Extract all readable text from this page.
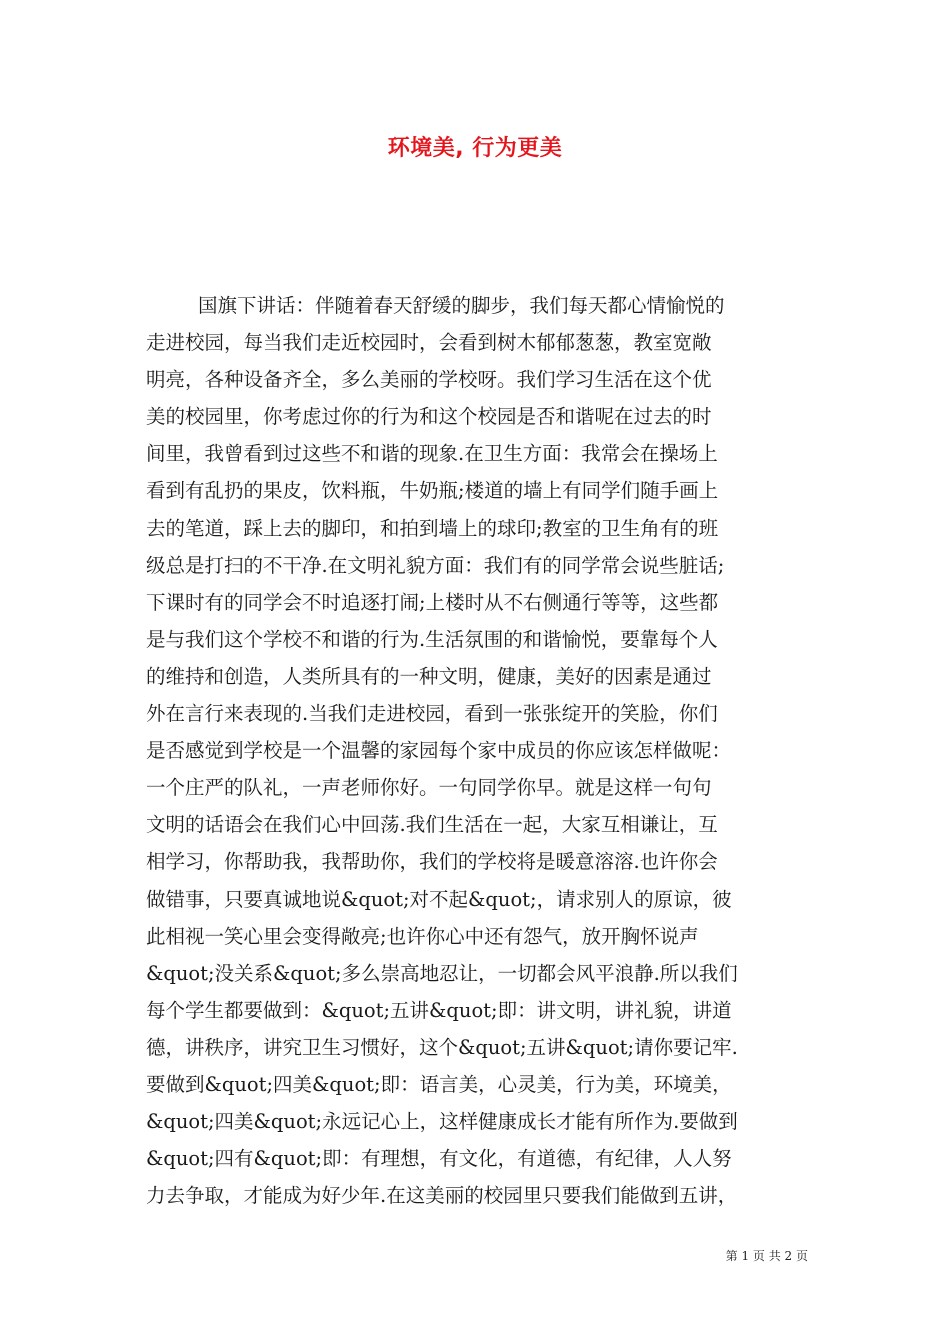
环境美, 行为更美
国旗下讲话：伴随着春天舒缓的脚步，我们每天都心情愉悦的
走进校园，每当我们走近校园时，会看到树木郁郁葱葱，教室宽敞
明亮，各种设备齐全，多么美丽的学校呀。我们学习生活在这个优
美的校园里，你考虑过你的行为和这个校园是否和谐呢在过去的时
间里，我曾看到过这些不和谐的现象.在卫生方面：我常会在操场上
看到有乱扔的果皮，饮料瓶，牛奶瓶;楼道的墙上有同学们随手画上
去的笔道，踩上去的脚印，和拍到墙上的球印;教室的卫生角有的班
级总是打扫的不干净.在文明礼貌方面：我们有的同学常会说些脏话;
下课时有的同学会不时追逐打闹;上楼时从不右侧通行等等，这些都
是与我们这个学校不和谐的行为.生活氛围的和谐愉悦，要靠每个人
的维持和创造，人类所具有的一种文明，健康，美好的因素是通过
外在言行来表现的.当我们走进校园，看到一张张绽开的笑脸，你们
是否感觉到学校是一个温馨的家园每个家中成员的你应该怎样做呢：
一个庄严的队礼，一声老师你好。一句同学你早。就是这样一句句
文明的话语会在我们心中回荡.我们生活在一起，大家互相谦让，互
相学习，你帮助我，我帮助你，我们的学校将是暖意溶溶.也许你会
做错事，只要真诚地说&quot;对不起&quot;，请求别人的原谅，彼
此相视一笑心里会变得敞亮;也许你心中还有怨气，放开胸怀说声
&quot;没关系&quot;多么崇高地忍让，一切都会风平浪静.所以我们
每个学生都要做到：&quot;五讲&quot;即：讲文明，讲礼貌，讲道
德，讲秩序，讲究卫生习惯好，这个&quot;五讲&quot;请你要记牢.
要做到&quot;四美&quot;即：语言美，心灵美，行为美，环境美，
&quot;四美&quot;永远记心上，这样健康成长才能有所作为.要做到
&quot;四有&quot;即：有理想，有文化，有道德，有纪律，人人努
力去争取，才能成为好少年.在这美丽的校园里只要我们能做到五讲，
第 1 页 共 2 页
